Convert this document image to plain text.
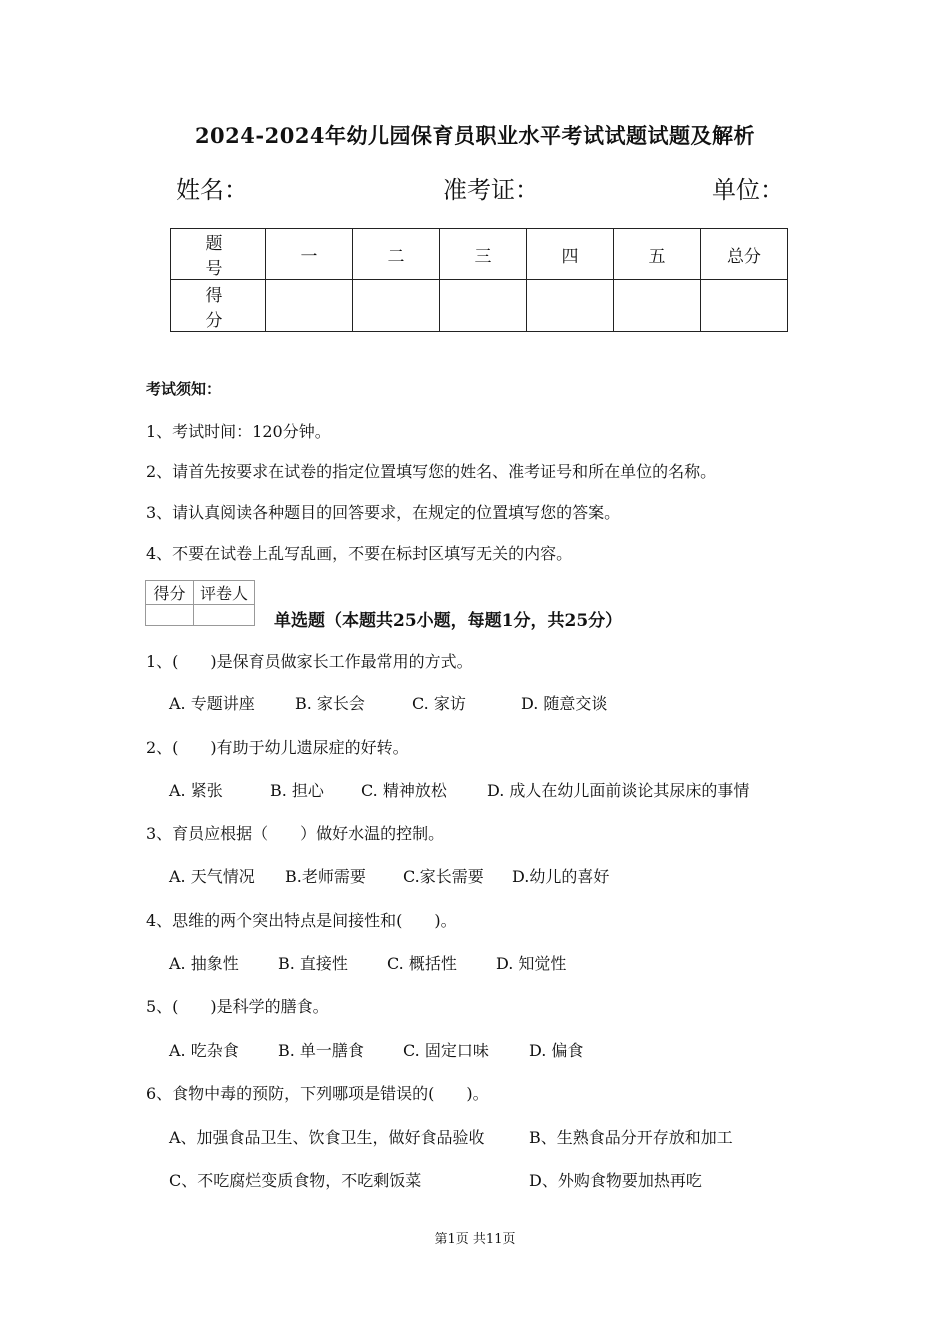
2024-2024年幼儿园保育员职业水平考试试题试题及解析
姓名：	准考证：	单位：
题 号	一	二	三	四	五	总分
得 分						
考试须知：
1、考试时间：120分钟。
2、请首先按要求在试卷的指定位置填写您的姓名、准考证号和所在单位的名称。
3、请认真阅读各种题目的回答要求，在规定的位置填写您的答案。
4、不要在试卷上乱写乱画，不要在标封区填写无关的内容。
得分	评卷人

单选题（本题共25小题，每题1分，共25分）
1、(　　)是保育员做家长工作最常用的方式。
A. 专题讲座	B. 家长会	C. 家访	D. 随意交谈
2、(　　)有助于幼儿遗尿症的好转。
A. 紧张	B. 担心 C. 精神放松	D. 成人在幼儿面前谈论其尿床的事情
3、育员应根据（　　）做好水温的控制。
A. 天气情况 B.老师需要 C.家长需要 D.幼儿的喜好
4、思维的两个突出特点是间接性和(　　)。
A. 抽象性 B. 直接性 C. 概括性 D. 知觉性
5、(　　)是科学的膳食。
A. 吃杂食 B. 单一膳食 C. 固定口味	D. 偏食
6、食物中毒的预防，下列哪项是错误的(　　)。
A、加强食品卫生、饮食卫生，做好食品验收	B、生熟食品分开存放和加工
C、不吃腐烂变质食物，不吃剩饭菜	D、外购食物要加热再吃
第1页 共11页
